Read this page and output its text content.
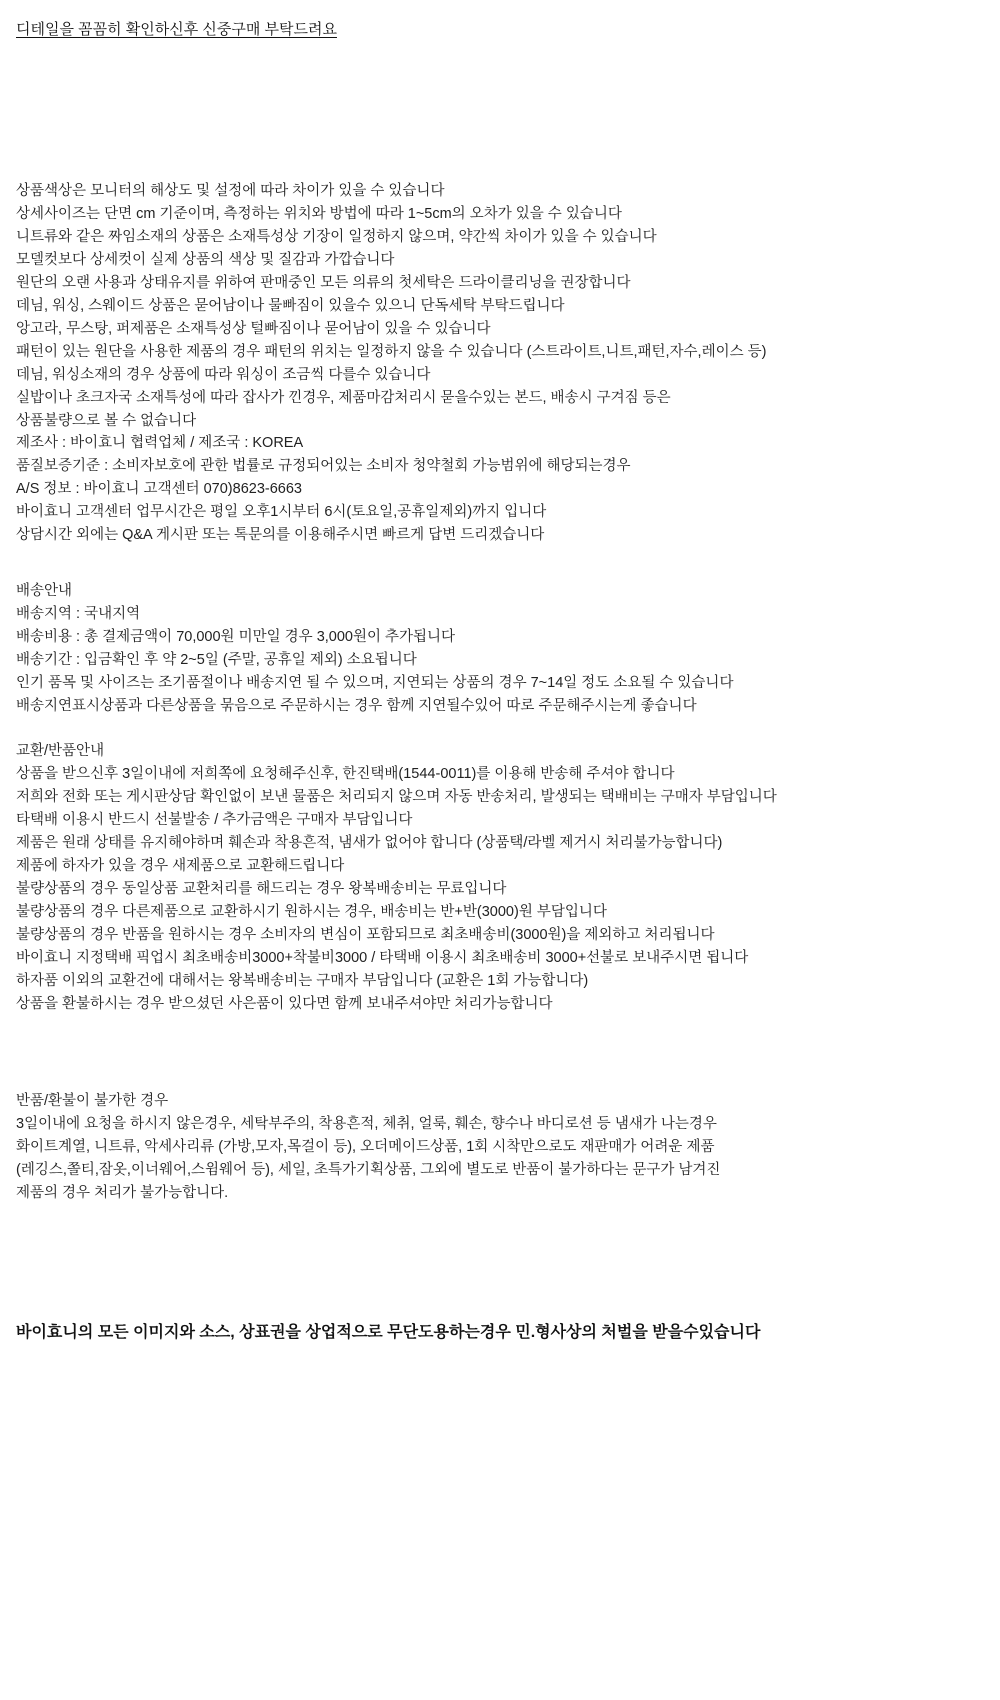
디테일을 꼼꼼히 확인하신후 신중구매 부탁드려요
상품색상은 모니터의 해상도 및 설정에 따라 차이가 있을 수 있습니다
상세사이즈는 단면 cm 기준이며, 측정하는 위치와 방법에 따라 1~5cm의 오차가 있을 수 있습니다
니트류와 같은 짜임소재의 상품은 소재특성상 기장이 일정하지 않으며, 약간씩 차이가 있을 수 있습니다
모델컷보다 상세컷이 실제 상품의 색상 및 질감과 가깝습니다
원단의 오랜 사용과 상태유지를 위하여 판매중인 모든 의류의 첫세탁은 드라이클리닝을 권장합니다
데님, 워싱, 스웨이드 상품은 묻어남이나 물빠짐이 있을수 있으니 단독세탁 부탁드립니다
앙고라, 무스탕, 퍼제품은 소재특성상 털빠짐이나 묻어남이 있을 수 있습니다
패턴이 있는 원단을 사용한 제품의 경우 패턴의 위치는 일정하지 않을 수 있습니다 (스트라이트,니트,패턴,자수,레이스 등)
데님, 워싱소재의 경우 상품에 따라 워싱이 조금씩 다를수 있습니다
실밥이나 초크자국 소재특성에 따라 잡사가 낀경우, 제품마감처리시 묻을수있는 본드, 배송시 구겨짐 등은
상품불량으로 볼 수 없습니다
제조사 : 바이효니 협력업체 / 제조국 : KOREA
품질보증기준 : 소비자보호에 관한 법률로 규정되어있는 소비자 청약철회 가능범위에 해당되는경우
A/S 정보 : 바이효니 고객센터 070)8623-6663
바이효니 고객센터 업무시간은 평일 오후1시부터 6시(토요일,공휴일제외)까지 입니다
상담시간 외에는 Q&A 게시판 또는 톡문의를 이용해주시면 빠르게 답변 드리겠습니다
배송안내
배송지역 : 국내지역
배송비용 : 총 결제금액이 70,000원 미만일 경우 3,000원이 추가됩니다
배송기간 : 입금확인 후 약 2~5일 (주말, 공휴일 제외) 소요됩니다
인기 품목 및 사이즈는 조기품절이나 배송지연 될 수 있으며, 지연되는 상품의 경우 7~14일 정도 소요될 수 있습니다
배송지연표시상품과 다른상품을 묶음으로 주문하시는 경우 함께 지연될수있어 따로 주문해주시는게 좋습니다
교환/반품안내
상품을 받으신후 3일이내에 저희쪽에 요청해주신후, 한진택배(1544-0011)를 이용해 반송해 주셔야 합니다
저희와 전화 또는 게시판상담 확인없이 보낸 물품은 처리되지 않으며 자동 반송처리, 발생되는 택배비는 구매자 부담입니다
타택배 이용시 반드시 선불발송 / 추가금액은 구매자 부담입니다
제품은 원래 상태를 유지해야하며 훼손과 착용흔적, 냄새가 없어야 합니다 (상품택/라벨 제거시 처리불가능합니다)
제품에 하자가 있을 경우 새제품으로 교환해드립니다
불량상품의 경우 동일상품 교환처리를 해드리는 경우 왕복배송비는 무료입니다
불량상품의 경우 다른제품으로 교환하시기 원하시는 경우, 배송비는 반+반(3000)원 부담입니다
불량상품의 경우 반품을 원하시는 경우 소비자의 변심이 포함되므로 최초배송비(3000원)을 제외하고 처리됩니다
바이효니 지정택배 픽업시 최초배송비3000+착불비3000 / 타택배 이용시 최초배송비 3000+선불로 보내주시면 됩니다
하자품 이외의 교환건에 대해서는 왕복배송비는 구매자 부담입니다 (교환은 1회 가능합니다)
상품을 환불하시는 경우 받으셨던 사은품이 있다면 함께 보내주셔야만 처리가능합니다
반품/환불이 불가한 경우
3일이내에 요청을 하시지 않은경우, 세탁부주의, 착용흔적, 체취, 얼룩, 훼손, 향수나 바디로션 등 냄새가 나는경우
화이트계열, 니트류, 악세사리류 (가방,모자,목걸이 등), 오더메이드상품, 1회 시착만으로도 재판매가 어려운 제품
(레깅스,쫄티,잠옷,이너웨어,스윔웨어 등), 세일, 초특가기획상품, 그외에 별도로 반품이 불가하다는 문구가 남겨진
제품의 경우 처리가 불가능합니다.
바이효니의 모든 이미지와 소스, 상표권을 상업적으로 무단도용하는경우 민.형사상의 처벌을 받을수있습니다
